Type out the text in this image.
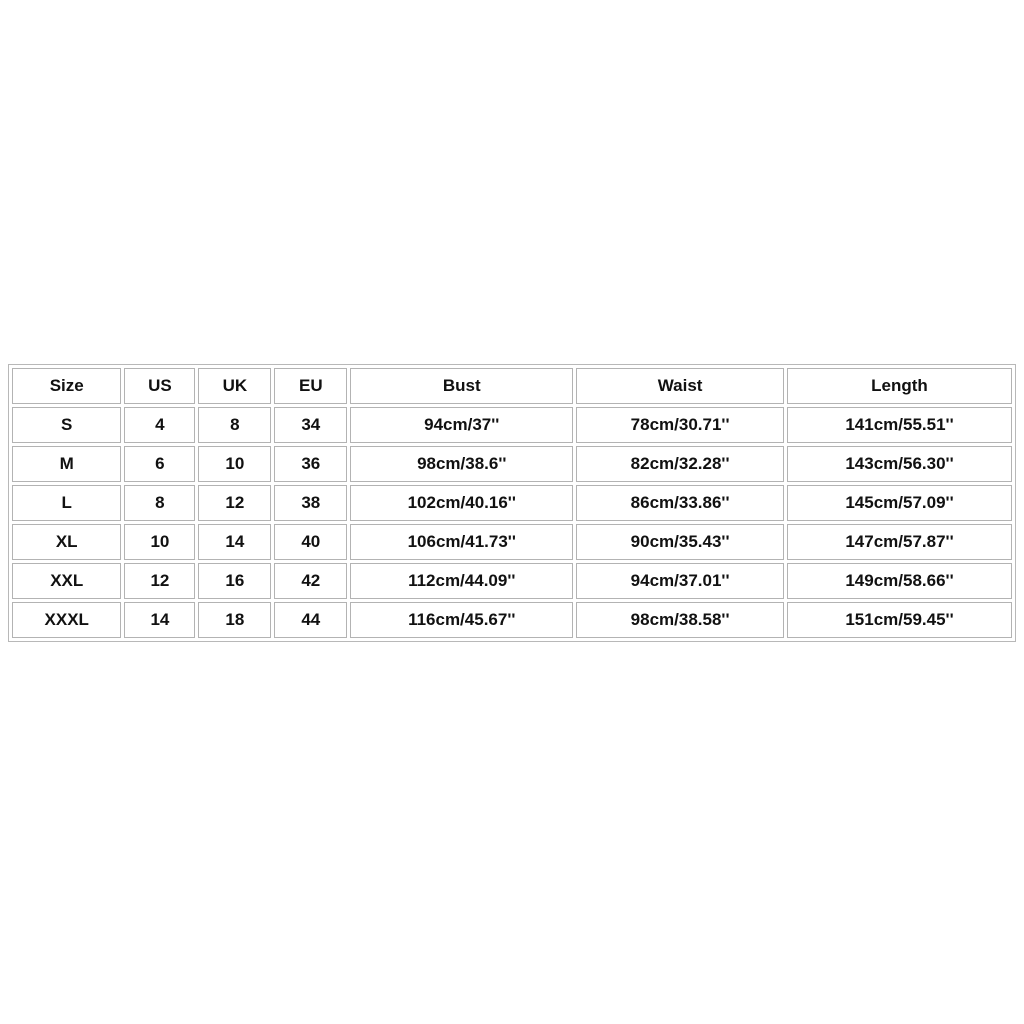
Size	US	UK	EU	Bust	Waist	Length
S	4	8	34	94cm/37''	78cm/30.71''	141cm/55.51''
M	6	10	36	98cm/38.6''	82cm/32.28''	143cm/56.30''
L	8	12	38	102cm/40.16''	86cm/33.86''	145cm/57.09''
XL	10	14	40	106cm/41.73''	90cm/35.43''	147cm/57.87''
XXL	12	16	42	112cm/44.09''	94cm/37.01''	149cm/58.66''
XXXL	14	18	44	116cm/45.67''	98cm/38.58''	151cm/59.45''
